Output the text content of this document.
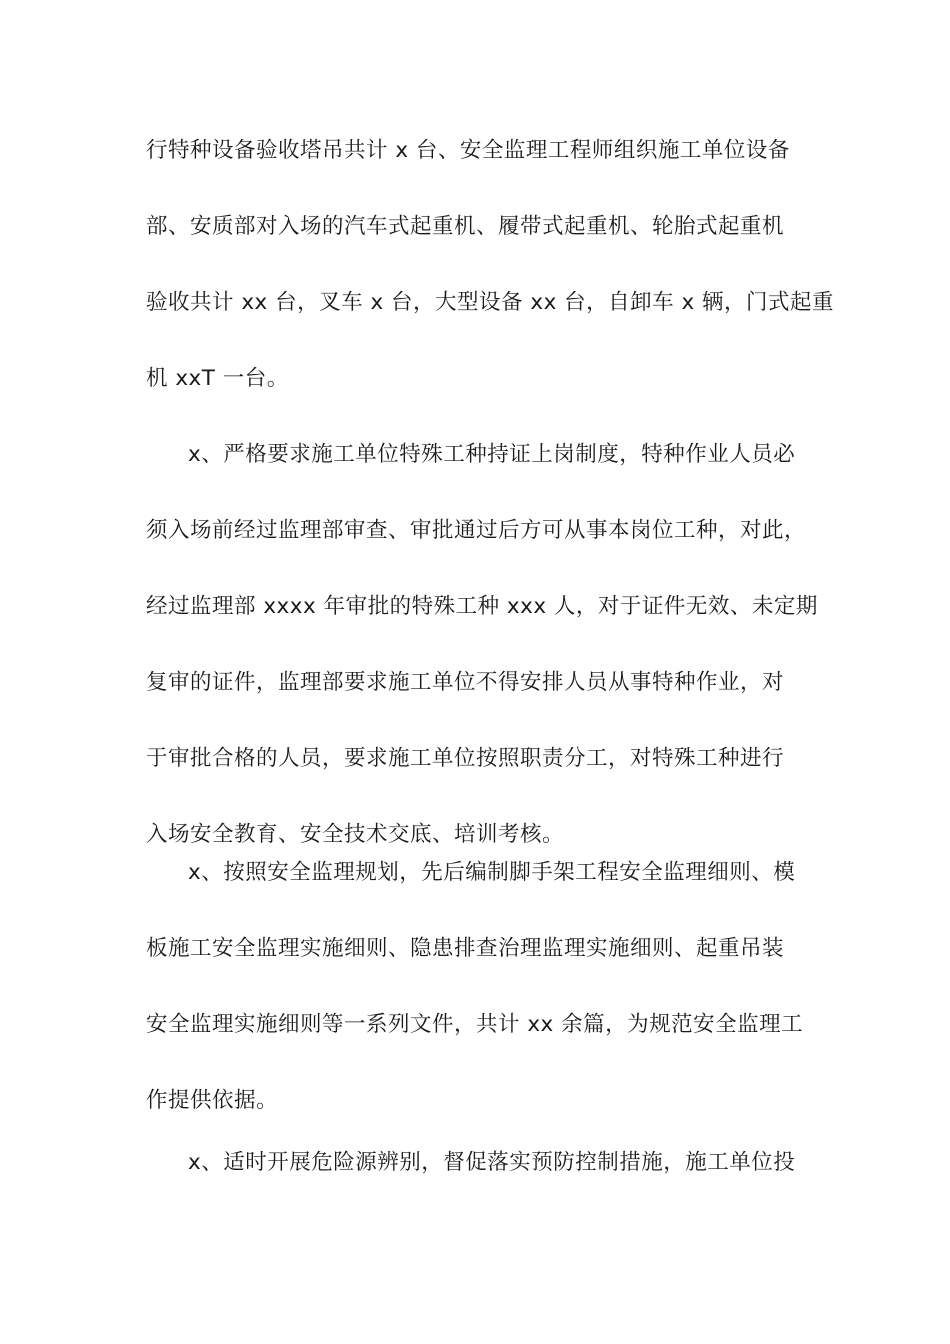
行特种设备验收塔吊共计 x 台、安全监理工程师组织施工单位设备
部、安质部对入场的汽车式起重机、履带式起重机、轮胎式起重机
验收共计 xx 台，叉车 x 台，大型设备 xx 台，自卸车 x 辆，门式起重
机 xxT 一台。
x、严格要求施工单位特殊工种持证上岗制度，特种作业人员必
须入场前经过监理部审查、审批通过后方可从事本岗位工种，对此，
经过监理部 xxxx 年审批的特殊工种 xxx 人，对于证件无效、未定期
复审的证件，监理部要求施工单位不得安排人员从事特种作业，对
于审批合格的人员，要求施工单位按照职责分工，对特殊工种进行
入场安全教育、安全技术交底、培训考核。
x、按照安全监理规划，先后编制脚手架工程安全监理细则、模
板施工安全监理实施细则、隐患排查治理监理实施细则、起重吊装
安全监理实施细则等一系列文件，共计 xx 余篇，为规范安全监理工
作提供依据。
x、适时开展危险源辨别，督促落实预防控制措施，施工单位投
